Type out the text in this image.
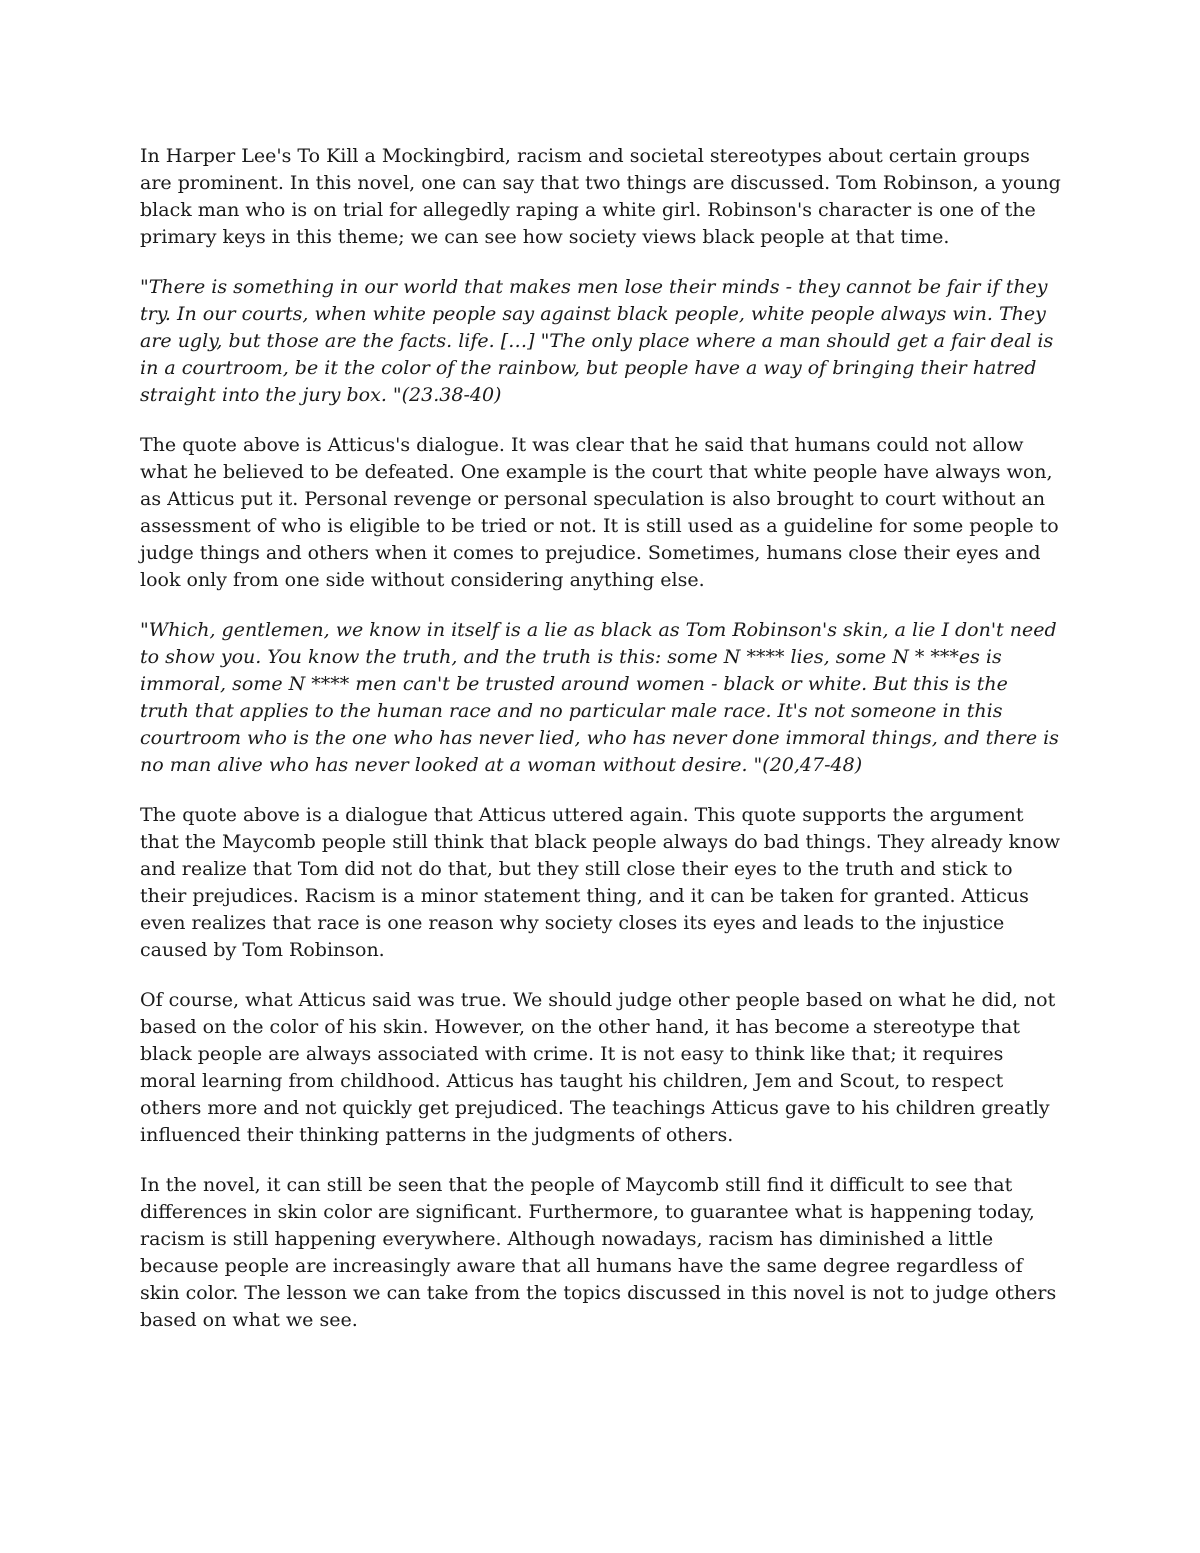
In Harper Lee's To Kill a Mockingbird, racism and societal stereotypes about certain groups are prominent. In this novel, one can say that two things are discussed. Tom Robinson, a young black man who is on trial for allegedly raping a white girl. Robinson's character is one of the primary keys in this theme; we can see how society views black people at that time.

"There is something in our world that makes men lose their minds - they cannot be fair if they try. In our courts, when white people say against black people, white people always win. They are ugly, but those are the facts. life. […] "The only place where a man should get a fair deal is in a courtroom, be it the color of the rainbow, but people have a way of bringing their hatred straight into the jury box. "(23.38-40)

The quote above is Atticus's dialogue. It was clear that he said that humans could not allow what he believed to be defeated. One example is the court that white people have always won, as Atticus put it. Personal revenge or personal speculation is also brought to court without an assessment of who is eligible to be tried or not. It is still used as a guideline for some people to judge things and others when it comes to prejudice. Sometimes, humans close their eyes and look only from one side without considering anything else.

"Which, gentlemen, we know in itself is a lie as black as Tom Robinson's skin, a lie I don't need to show you. You know the truth, and the truth is this: some N **** lies, some N * ***es is immoral, some N **** men can't be trusted around women - black or white. But this is the truth that applies to the human race and no particular male race. It's not someone in this courtroom who is the one who has never lied, who has never done immoral things, and there is no man alive who has never looked at a woman without desire. "(20,47-48)

The quote above is a dialogue that Atticus uttered again. This quote supports the argument that the Maycomb people still think that black people always do bad things. They already know and realize that Tom did not do that, but they still close their eyes to the truth and stick to their prejudices. Racism is a minor statement thing, and it can be taken for granted. Atticus even realizes that race is one reason why society closes its eyes and leads to the injustice caused by Tom Robinson.

Of course, what Atticus said was true. We should judge other people based on what he did, not based on the color of his skin. However, on the other hand, it has become a stereotype that black people are always associated with crime. It is not easy to think like that; it requires moral learning from childhood. Atticus has taught his children, Jem and Scout, to respect others more and not quickly get prejudiced. The teachings Atticus gave to his children greatly influenced their thinking patterns in the judgments of others.

In the novel, it can still be seen that the people of Maycomb still find it difficult to see that differences in skin color are significant. Furthermore, to guarantee what is happening today, racism is still happening everywhere. Although nowadays, racism has diminished a little because people are increasingly aware that all humans have the same degree regardless of skin color. The lesson we can take from the topics discussed in this novel is not to judge others based on what we see.
